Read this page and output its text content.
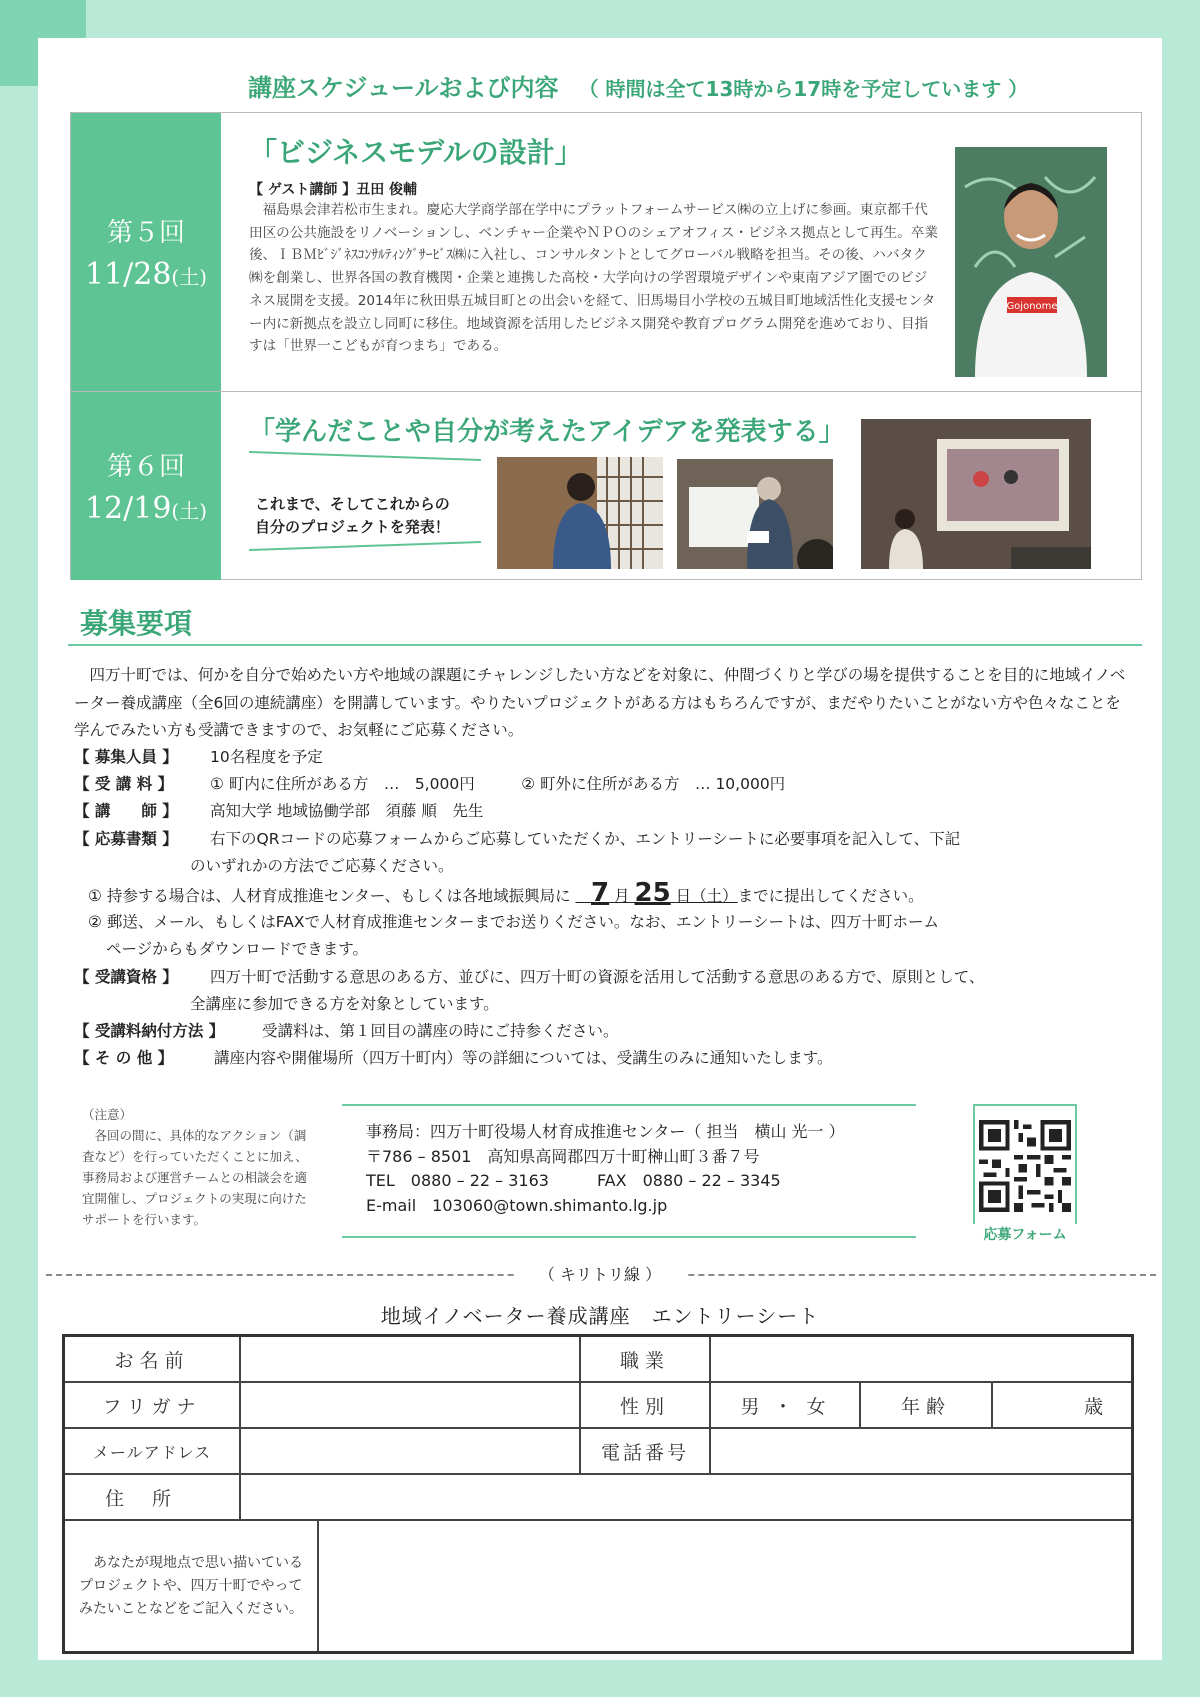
講座スケジュールおよび内容 （ 時間は全て13時から17時を予定しています ）
第５回
11/28(土)
第６回
12/19(土)
「ビジネスモデルの設計」
【 ゲスト講師 】丑田 俊輔
福島県会津若松市生まれ。慶応大学商学部在学中にプラットフォームサービス㈱の立上げに参画。東京都千代田区の公共施設をリノベーションし、ベンチャー企業やＮＰＯのシェアオフィス・ビジネス拠点として再生。卒業後、ＩＢＭﾋﾞｼﾞﾈｽｺﾝｻﾙﾃｨﾝｸﾞｻｰﾋﾞｽ㈱に入社し、コンサルタントとしてグローバル戦略を担当。その後、ハバタク㈱を創業し、世界各国の教育機関・企業と連携した高校・大学向けの学習環境デザインや東南アジア圏でのビジネス展開を支援。2014年に秋田県五城目町との出会いを経て、旧馬場目小学校の五城目町地域活性化支援センター内に新拠点を設立し同町に移住。地域資源を活用したビジネス開発や教育プログラム開発を進めており、目指すは「世界一こどもが育つまち」である。
Gojonome
「学んだことや自分が考えたアイデアを発表する」
これまで、そしてこれからの
自分のプロジェクトを発表！
募集要項
四万十町では、何かを自分で始めたい方や地域の課題にチャレンジしたい方などを対象に、仲間づくりと学びの場を提供することを目的に地域イノベーター養成講座（全6回の連続講座）を開講しています。やりたいプロジェクトがある方はもちろんですが、まだやりたいことがない方や色々なことを学んでみたい方も受講できますので、お気軽にご応募ください。
【 募集人員 】 10名程度を予定
【 受 講 料 】 ① 町内に住所がある方　…　5,000円　　　② 町外に住所がある方　… 10,000円
【 講　　師 】 高知大学 地域協働学部　須藤 順　先生
【 応募書類 】 右下のQRコードの応募フォームからご応募していただくか、エントリーシートに必要事項を記入して、下記
のいずれかの方法でご応募ください。
① 持参する場合は、人材育成推進センター、もしくは各地域振興局に   7 月 25 日（土）までに提出してください。
② 郵送、メール、もしくはFAXで人材育成推進センターまでお送りください。なお、エントリーシートは、四万十町ホーム
ページからもダウンロードできます。
【 受講資格 】 四万十町で活動する意思のある方、並びに、四万十町の資源を活用して活動する意思のある方で、原則として、
全講座に参加できる方を対象としています。
【 受講料納付方法 】 受講料は、第１回目の講座の時にご持参ください。
【 そ の 他 】	講座内容や開催場所（四万十町内）等の詳細については、受講生のみに通知いたします。
（注意）
各回の間に、具体的なアクション（調査など）を行っていただくことに加え、事務局および運営チームとの相談会を適宜開催し、プロジェクトの実現に向けたサポートを行います。
事務局：四万十町役場人材育成推進センター（ 担当　横山 光一 ）
〒786 – 8501　高知県高岡郡四万十町榊山町３番７号
TEL　0880 – 22 – 3163　　　FAX　0880 – 22 – 3345
E-mail　103060@town.shimanto.lg.jp
応募フォーム
（ キリトリ線 ）
地域イノベーター養成講座　エントリーシート
お名前	職業
フリガナ	性別	男 ・ 女	年齢	歳
メールアドレス	電話番号
住所
あなたが現地点で思い描いているプロジェクトや、四万十町でやってみたいことなどをご記入ください。
